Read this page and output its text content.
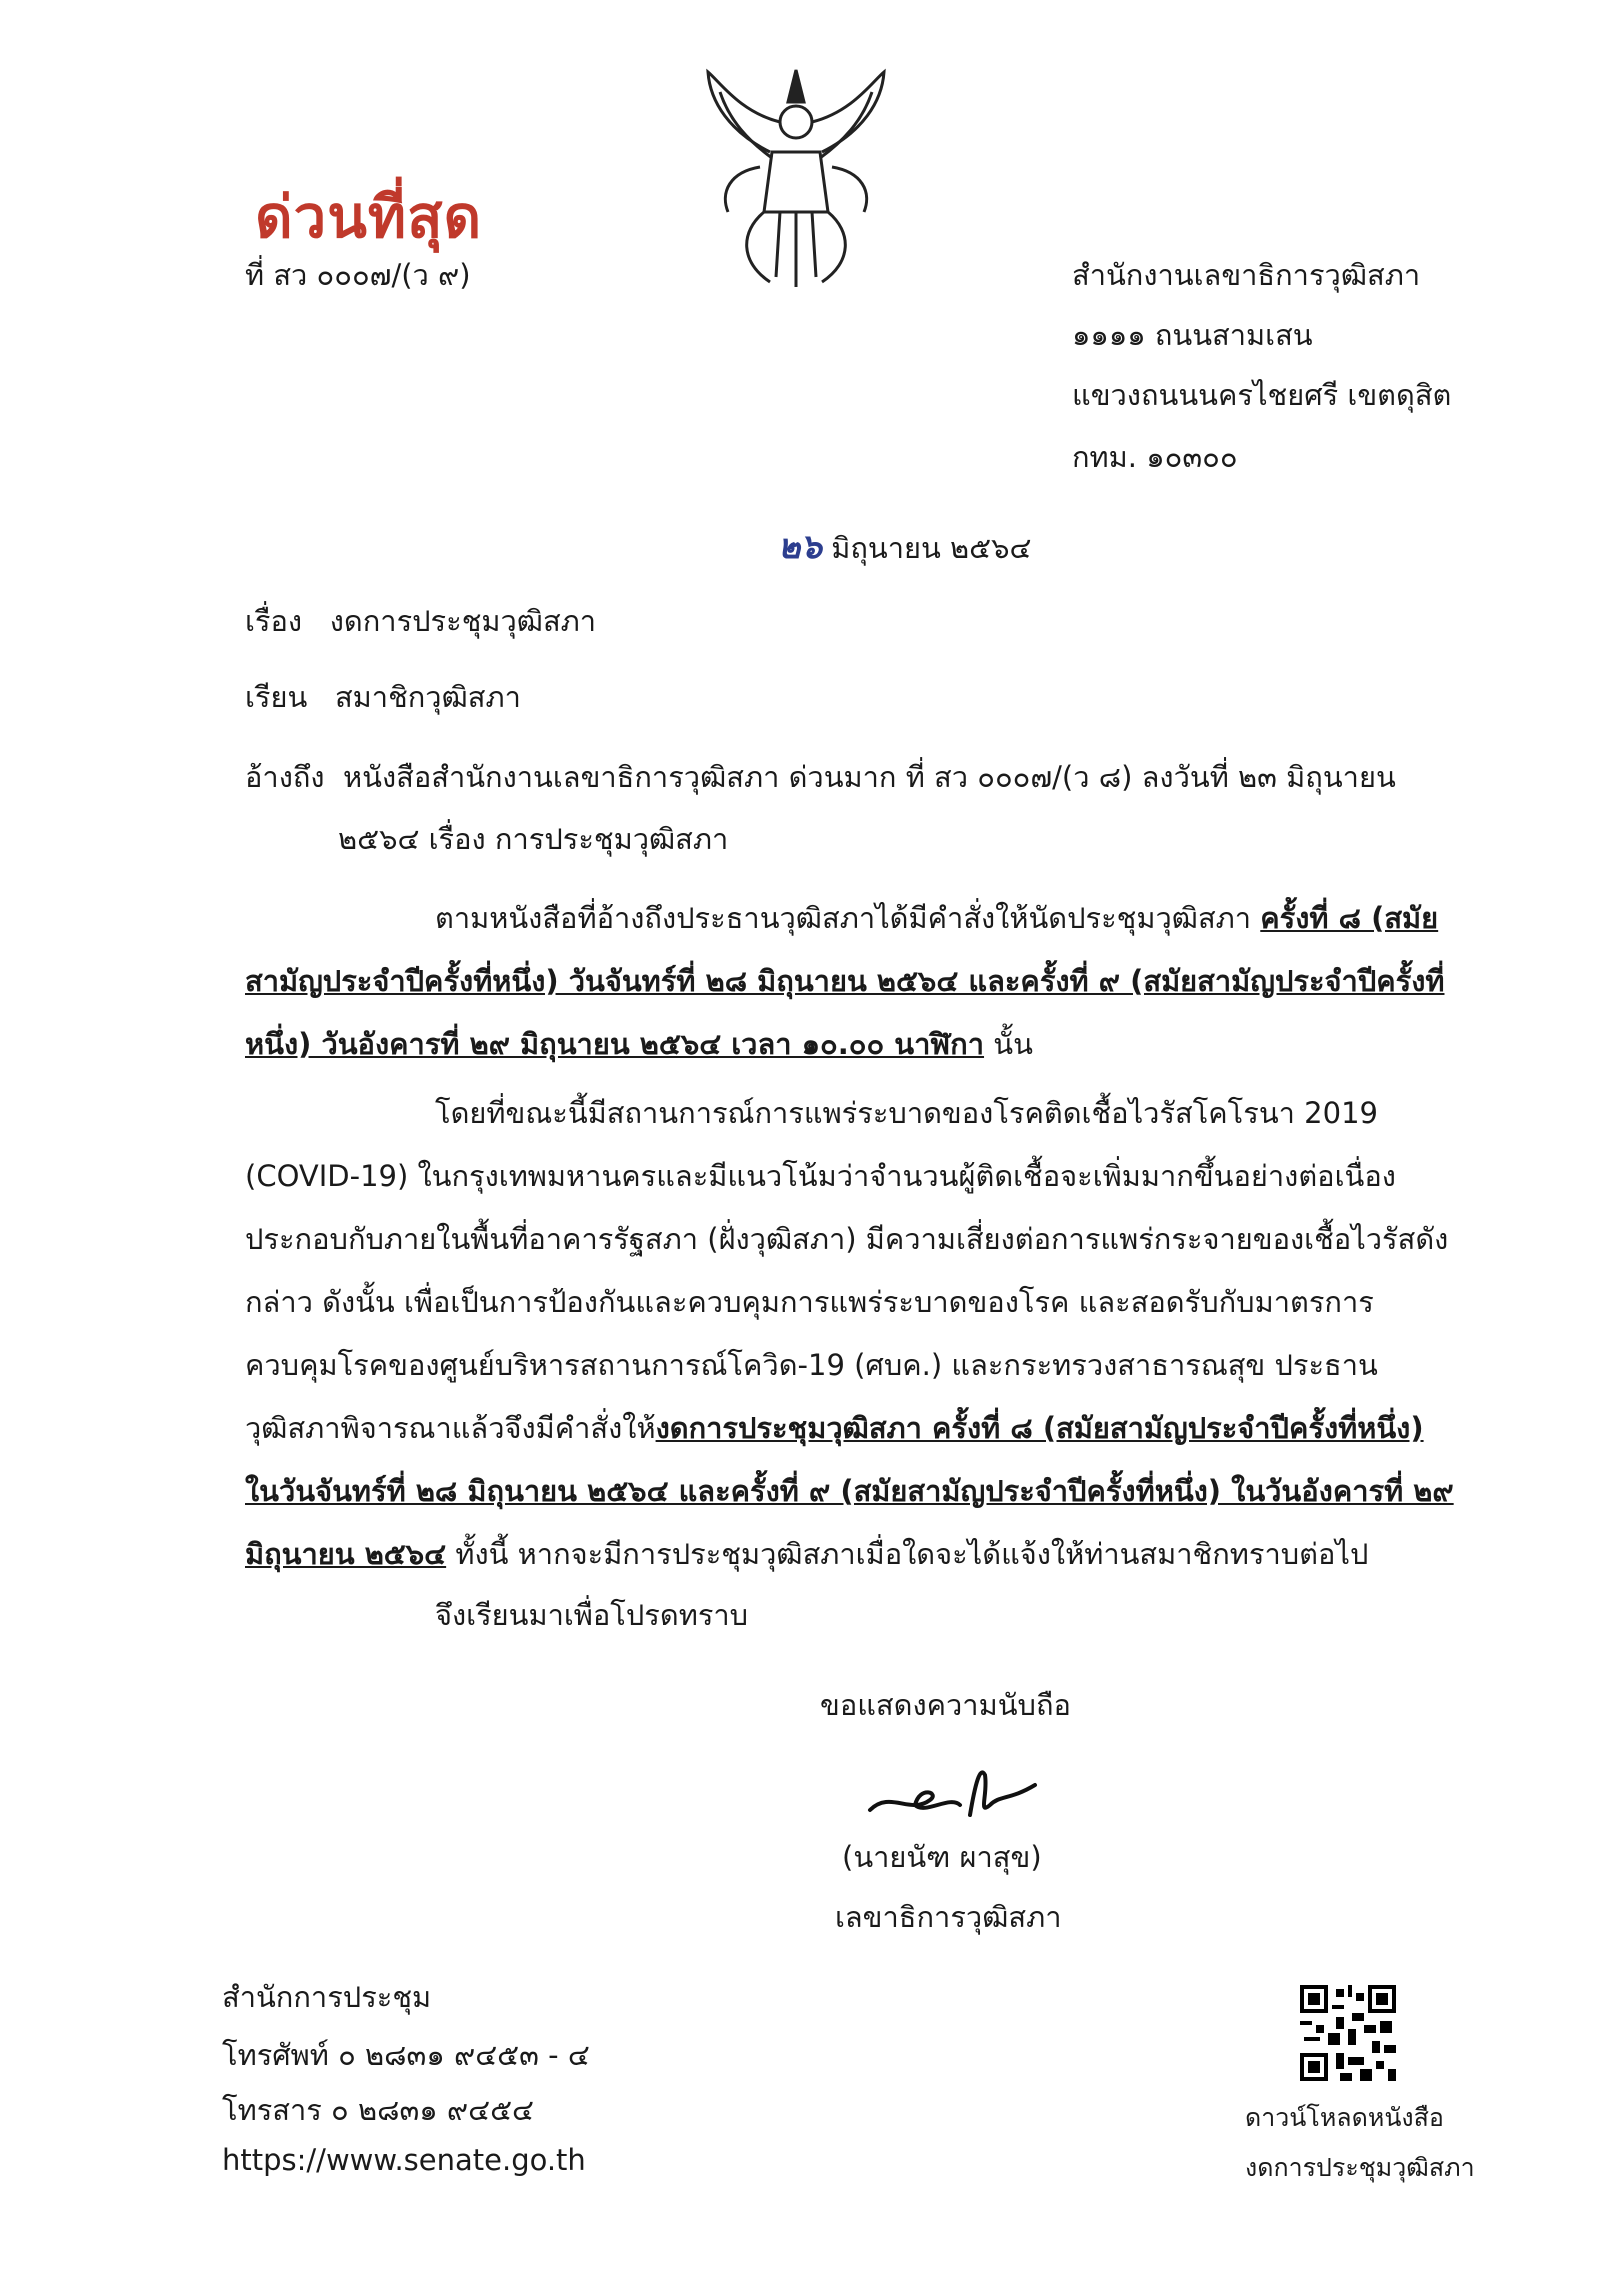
ด่วนที่สุด
ที่ สว ๐๐๐๗/(ว ๙)	สำนักงานเลขาธิการวุฒิสภา
๑๑๑๑ ถนนสามเสน
แขวงถนนนครไชยศรี เขตดุสิต
กทม. ๑๐๓๐๐
๒๖ มิถุนายน ๒๕๖๔
เรื่อง งดการประชุมวุฒิสภา
เรียน สมาชิกวุฒิสภา
อ้างถึง หนังสือสำนักงานเลขาธิการวุฒิสภา ด่วนมาก ที่ สว ๐๐๐๗/(ว ๘) ลงวันที่ ๒๓ มิถุนายน
๒๕๖๔ เรื่อง การประชุมวุฒิสภา

ตามหนังสือที่อ้างถึงประธานวุฒิสภาได้มีคำสั่งให้นัดประชุมวุฒิสภา ครั้งที่ ๘ (สมัยสามัญประจำปีครั้งที่หนึ่ง) วันจันทร์ที่ ๒๘ มิถุนายน ๒๕๖๔ และครั้งที่ ๙ (สมัยสามัญประจำปีครั้งที่หนึ่ง) วันอังคารที่ ๒๙ มิถุนายน ๒๕๖๔ เวลา ๑๐.๐๐ นาฬิกา นั้น

โดยที่ขณะนี้มีสถานการณ์การแพร่ระบาดของโรคติดเชื้อไวรัสโคโรนา 2019 (COVID-19) ในกรุงเทพมหานครและมีแนวโน้มว่าจำนวนผู้ติดเชื้อจะเพิ่มมากขึ้นอย่างต่อเนื่อง ประกอบกับภายในพื้นที่อาคารรัฐสภา (ฝั่งวุฒิสภา) มีความเสี่ยงต่อการแพร่กระจายของเชื้อไวรัสดังกล่าว ดังนั้น เพื่อเป็นการป้องกันและควบคุมการแพร่ระบาดของโรค และสอดรับกับมาตรการควบคุมโรคของศูนย์บริหารสถานการณ์โควิด-19 (ศบค.) และกระทรวงสาธารณสุข ประธานวุฒิสภาพิจารณาแล้วจึงมีคำสั่งให้งดการประชุมวุฒิสภา ครั้งที่ ๘ (สมัยสามัญประจำปีครั้งที่หนึ่ง) ในวันจันทร์ที่ ๒๘ มิถุนายน ๒๕๖๔ และครั้งที่ ๙ (สมัยสามัญประจำปีครั้งที่หนึ่ง) ในวันอังคารที่ ๒๙ มิถุนายน ๒๕๖๔ ทั้งนี้ หากจะมีการประชุมวุฒิสภาเมื่อใดจะได้แจ้งให้ท่านสมาชิกทราบต่อไป

จึงเรียนมาเพื่อโปรดทราบ
ขอแสดงความนับถือ
(นายนัฑ ผาสุข)
เลขาธิการวุฒิสภา
สำนักการประชุม
โทรศัพท์ ๐ ๒๘๓๑ ๙๔๕๓ - ๔
โทรสาร ๐ ๒๘๓๑ ๙๔๕๔
https://www.senate.go.th
ดาวน์โหลดหนังสือ
งดการประชุมวุฒิสภา
